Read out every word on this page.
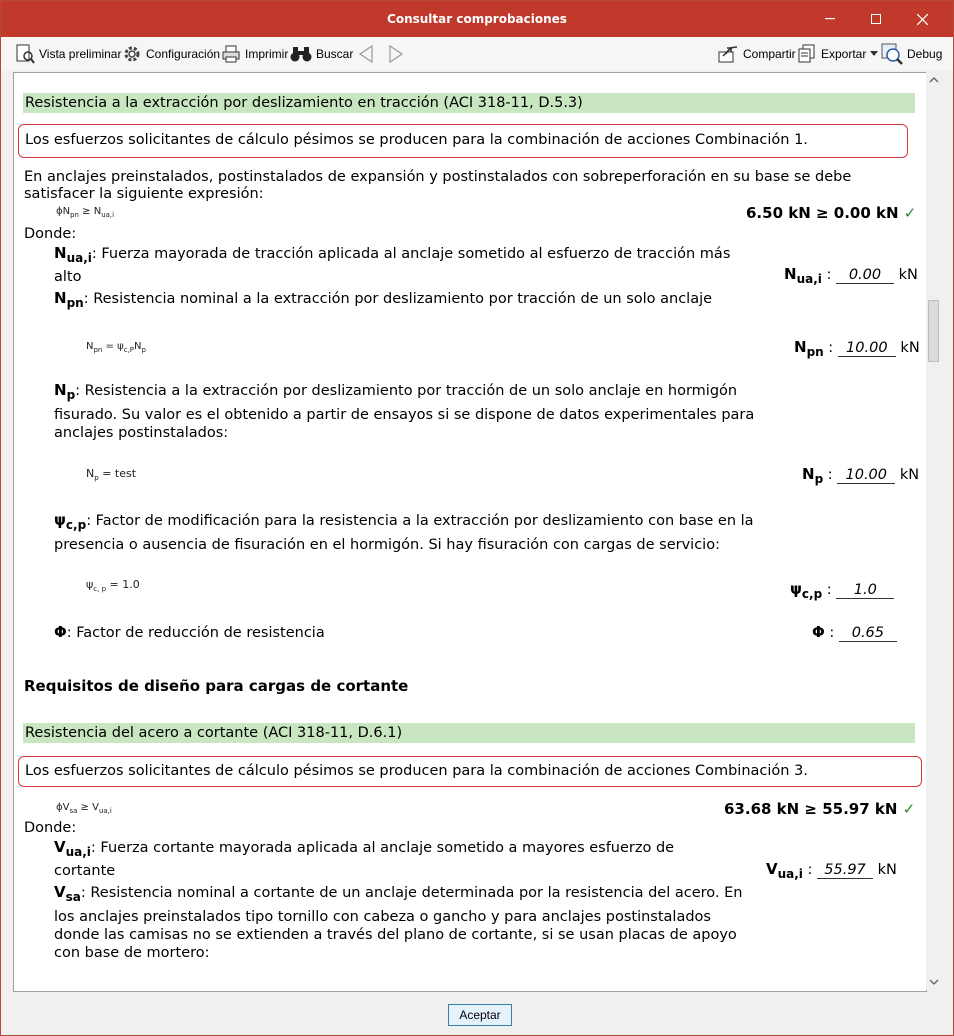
Consultar comprobaciones
Vista preliminar Configuración Imprimir Buscar	Compartir Exportar	Debug
Resistencia a la extracción por deslizamiento en tracción (ACI 318-11, D.5.3)
Los esfuerzos solicitantes de cálculo pésimos se producen para la combinación de acciones Combinación 1.
En anclajes preinstalados, postinstalados de expansión y postinstalados con sobreperforación en su base se debe
satisfacer la siguiente expresión:
$\phi N_{pn} \ge N_{ua,i}$	6.50 kN ≥ 0.00 kN ✓
Donde:
$N_{ua,i}$: Fuerza mayorada de tracción aplicada al anclaje sometido al esfuerzo de tracción más
alto	$N_{ua,i}$ : 0.00 kN
$N_{pn}$: Resistencia nominal a la extracción por deslizamiento por tracción de un solo anclaje
$N_{pn} = \psi_{c,P}N_p$	$N_{pn}$ : 10.00 kN
$N_p$: Resistencia a la extracción por deslizamiento por tracción de un solo anclaje en hormigón
fisurado. Su valor es el obtenido a partir de ensayos si se dispone de datos experimentales para
anclajes postinstalados:
$N_p$ = test	$N_p$ : 10.00 kN
$\psi_{c,p}$: Factor de modificación para la resistencia a la extracción por deslizamiento con base en la
presencia o ausencia de fisuración en el hormigón. Si hay fisuración con cargas de servicio:
$\psi_{c, p} = 1.0$	$\psi_{c,p}$ : 1.0
Φ: Factor de reducción de resistencia	Φ : 0.65
Requisitos de diseño para cargas de cortante
Resistencia del acero a cortante (ACI 318-11, D.6.1)
Los esfuerzos solicitantes de cálculo pésimos se producen para la combinación de acciones Combinación 3.
$\phi V_{sa} \ge V_{ua,i}$	63.68 kN ≥ 55.97 kN ✓
Donde:
$V_{ua,i}$: Fuerza cortante mayorada aplicada al anclaje sometido a mayores esfuerzo de
cortante	$V_{ua,i}$ : 55.97 kN
$V_{sa}$: Resistencia nominal a cortante de un anclaje determinada por la resistencia del acero. En
los anclajes preinstalados tipo tornillo con cabeza o gancho y para anclajes postinstalados
donde las camisas no se extienden a través del plano de cortante, si se usan placas de apoyo
con base de mortero:
Aceptar
